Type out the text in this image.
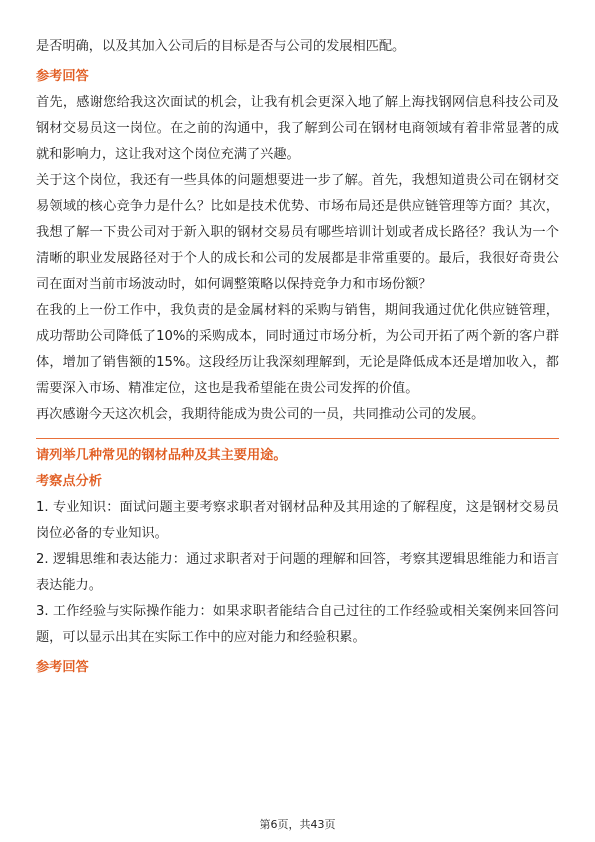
是否明确，以及其加入公司后的目标是否与公司的发展相匹配。

参考回答

首先，感谢您给我这次面试的机会，让我有机会更深入地了解上海找钢网信息科技公司及钢材交易员这一岗位。在之前的沟通中，我了解到公司在钢材电商领域有着非常显著的成就和影响力，这让我对这个岗位充满了兴趣。

关于这个岗位，我还有一些具体的问题想要进一步了解。首先，我想知道贵公司在钢材交易领域的核心竞争力是什么？比如是技术优势、市场布局还是供应链管理等方面？其次，我想了解一下贵公司对于新入职的钢材交易员有哪些培训计划或者成长路径？我认为一个清晰的职业发展路径对于个人的成长和公司的发展都是非常重要的。最后，我很好奇贵公司在面对当前市场波动时，如何调整策略以保持竞争力和市场份额？

在我的上一份工作中，我负责的是金属材料的采购与销售，期间我通过优化供应链管理，成功帮助公司降低了10%的采购成本，同时通过市场分析，为公司开拓了两个新的客户群体，增加了销售额的15%。这段经历让我深刻理解到，无论是降低成本还是增加收入，都需要深入市场、精准定位，这也是我希望能在贵公司发挥的价值。

再次感谢今天这次机会，我期待能成为贵公司的一员，共同推动公司的发展。

请列举几种常见的钢材品种及其主要用途。

考察点分析

1. 专业知识：面试问题主要考察求职者对钢材品种及其用途的了解程度，这是钢材交易员岗位必备的专业知识。

2. 逻辑思维和表达能力：通过求职者对于问题的理解和回答，考察其逻辑思维能力和语言表达能力。

3. 工作经验与实际操作能力：如果求职者能结合自己过往的工作经验或相关案例来回答问题，可以显示出其在实际工作中的应对能力和经验积累。

参考回答

第6页，共43页
